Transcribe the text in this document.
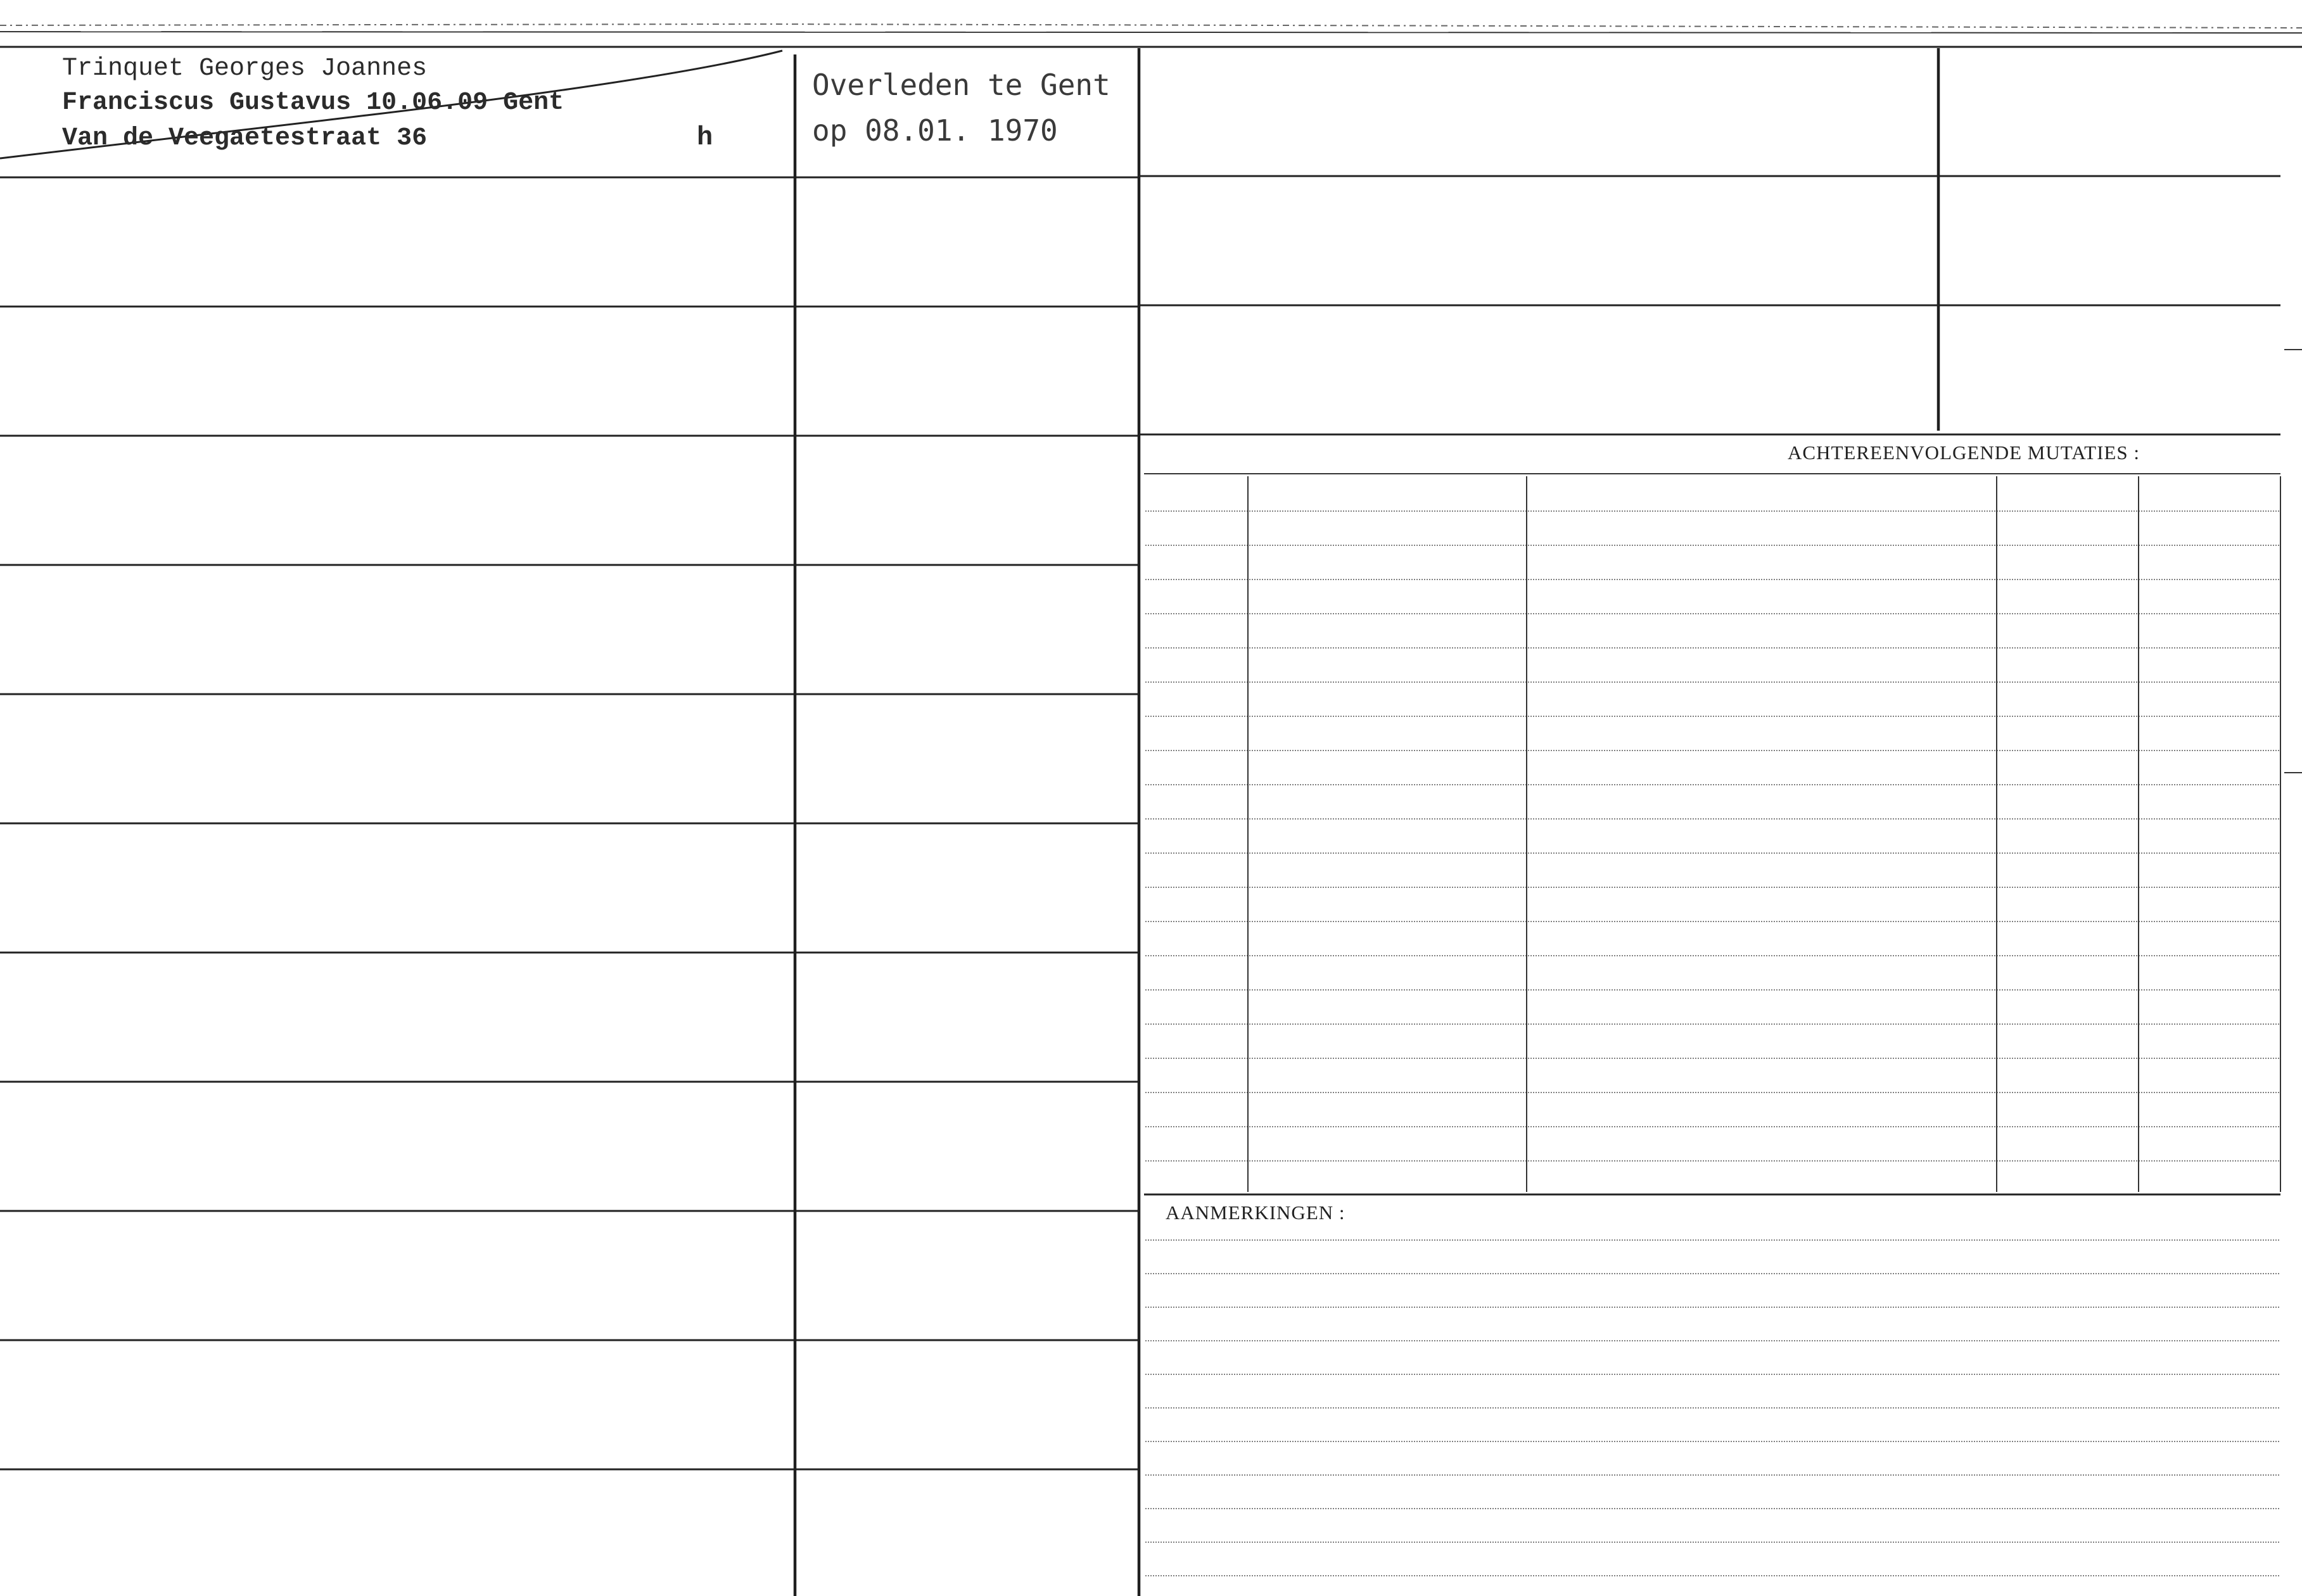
Trinquet Georges Joannes
Franciscus Gustavus 10.06.09 Gent
Van de Veegaetestraat 36	h
Overleden te Gent
op 08.01. 1970
ACHTEREENVOLGENDE MUTATIES :
AANMERKINGEN :
